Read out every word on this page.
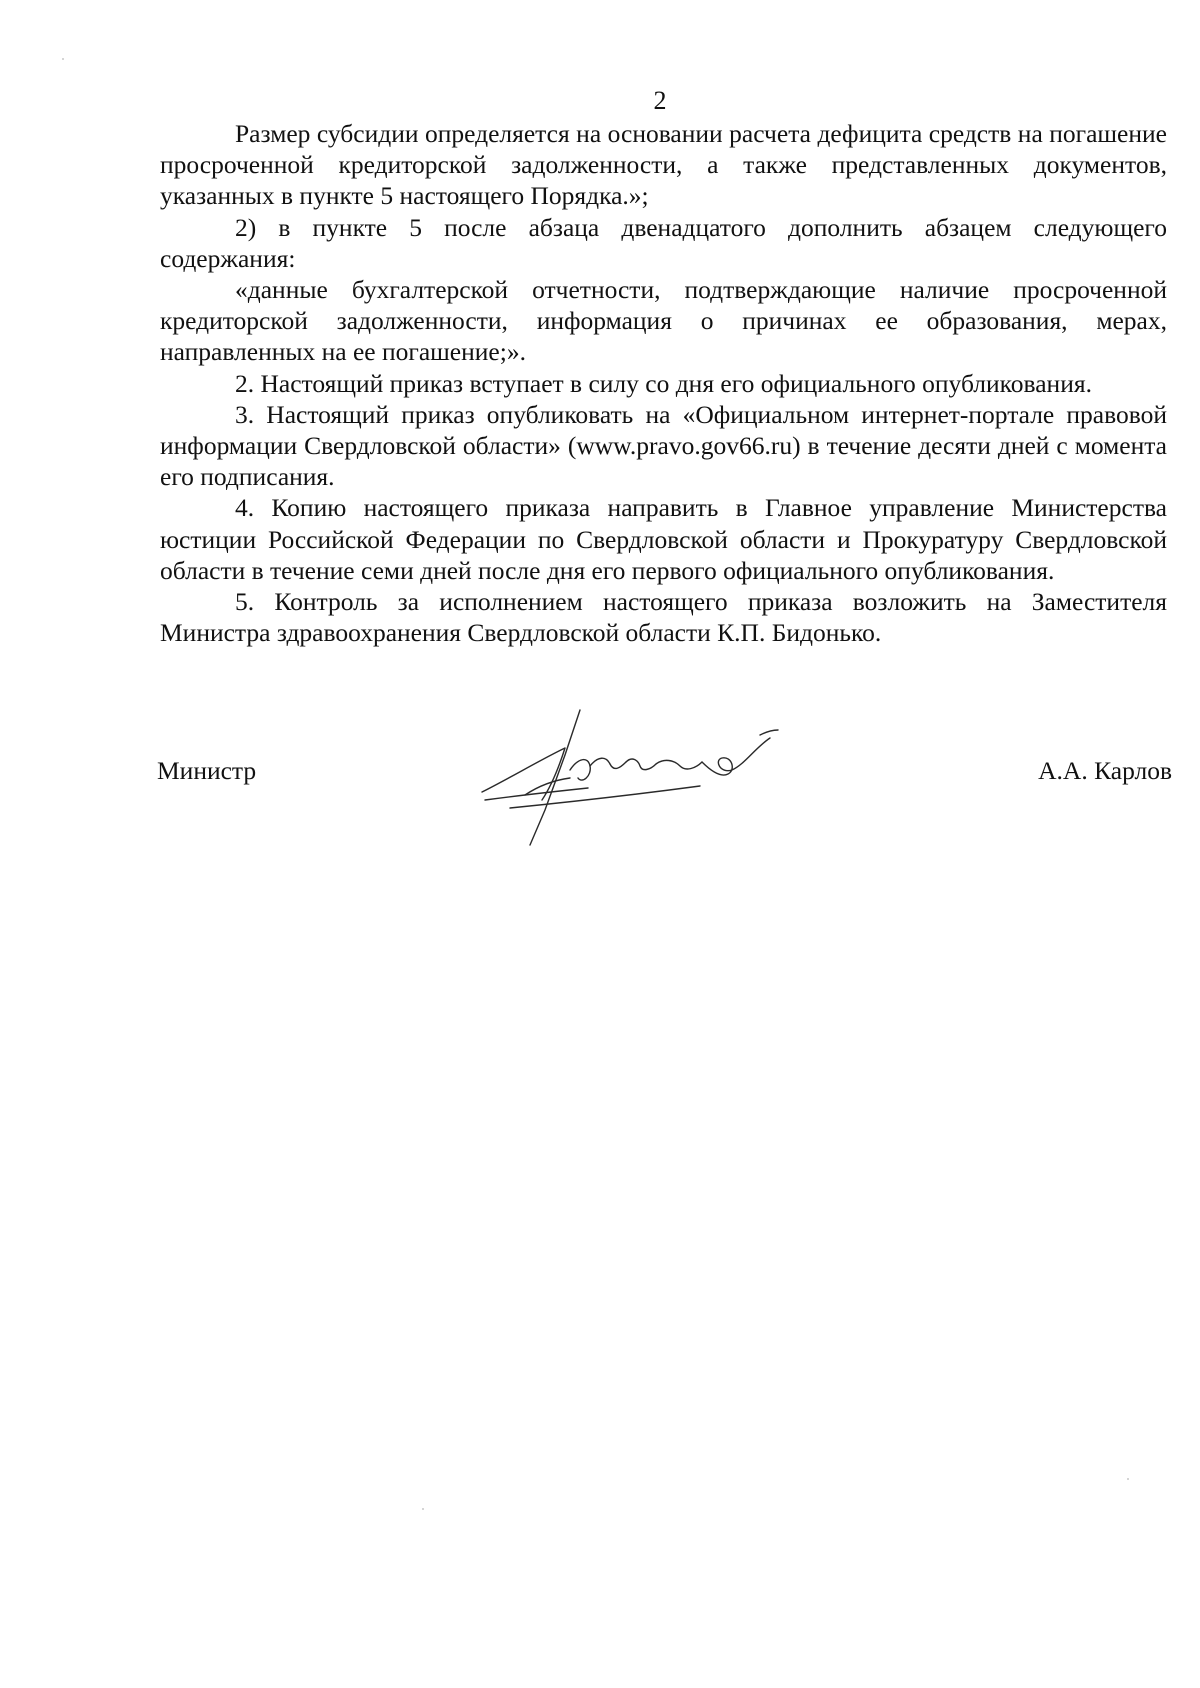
2

Размер субсидии определяется на основании расчета дефицита средств на погашение просроченной кредиторской задолженности, а также представленных документов, указанных в пункте 5 настоящего Порядка.»;

2) в пункте 5 после абзаца двенадцатого дополнить абзацем следующего содержания:

«данные бухгалтерской отчетности, подтверждающие наличие просроченной кредиторской задолженности, информация о причинах ее образования, мерах, направленных на ее погашение;».

2. Настоящий приказ вступает в силу со дня его официального опубликования.

3. Настоящий приказ опубликовать на «Официальном интернет-портале правовой информации Свердловской области» (www.pravo.gov66.ru) в течение десяти дней с момента его подписания.

4. Копию настоящего приказа направить в Главное управление Министерства юстиции Российской Федерации по Свердловской области и Прокуратуру Свердловской области в течение семи дней после дня его первого официального опубликования.

5. Контроль за исполнением настоящего приказа возложить на Заместителя Министра здравоохранения Свердловской области К.П. Бидонько.

Министр	А.А. Карлов
